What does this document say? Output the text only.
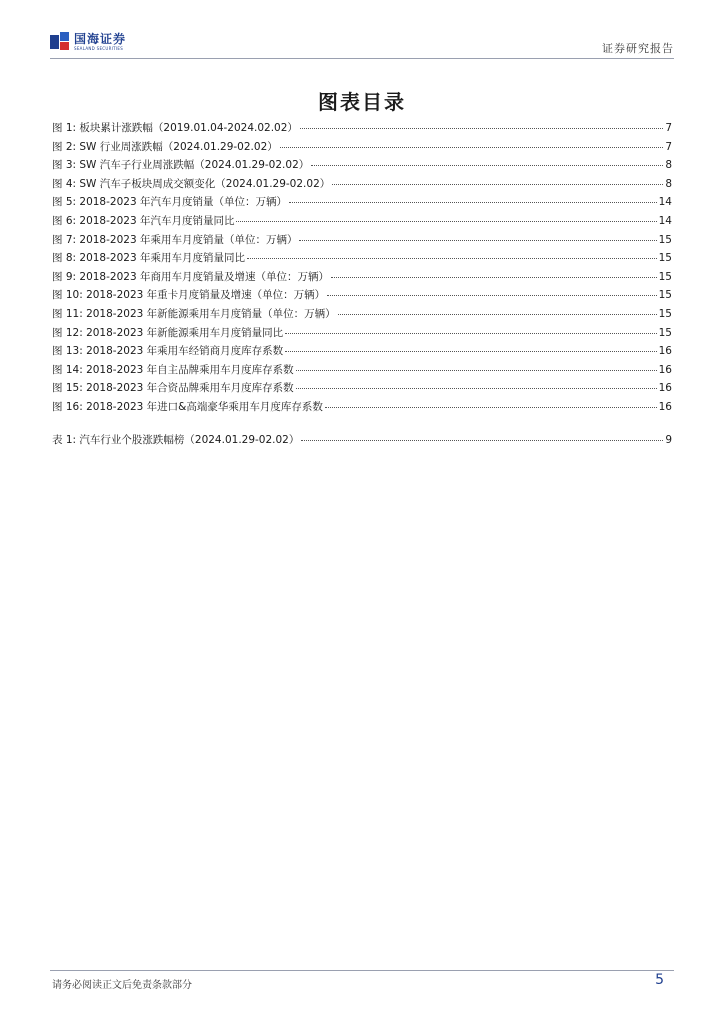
国海证券
SEALAND SECURITIES	证券研究报告
图表目录
图 1: 板块累计涨跌幅（2019.01.04-2024.02.02）	7
图 2: SW 行业周涨跌幅（2024.01.29-02.02）	7
图 3: SW 汽车子行业周涨跌幅（2024.01.29-02.02）	8
图 4: SW 汽车子板块周成交额变化（2024.01.29-02.02）	8
图 5: 2018-2023 年汽车月度销量（单位：万辆）	14
图 6: 2018-2023 年汽车月度销量同比	14
图 7: 2018-2023 年乘用车月度销量（单位：万辆）	15
图 8: 2018-2023 年乘用车月度销量同比	15
图 9: 2018-2023 年商用车月度销量及增速（单位：万辆）	15
图 10: 2018-2023 年重卡月度销量及增速（单位：万辆）	15
图 11: 2018-2023 年新能源乘用车月度销量（单位：万辆）	15
图 12: 2018-2023 年新能源乘用车月度销量同比	15
图 13: 2018-2023 年乘用车经销商月度库存系数	16
图 14: 2018-2023 年自主品牌乘用车月度库存系数	16
图 15: 2018-2023 年合资品牌乘用车月度库存系数	16
图 16: 2018-2023 年进口&高端豪华乘用车月度库存系数	16
表 1: 汽车行业个股涨跌幅榜（2024.01.29-02.02）	9
请务必阅读正文后免责条款部分	5
